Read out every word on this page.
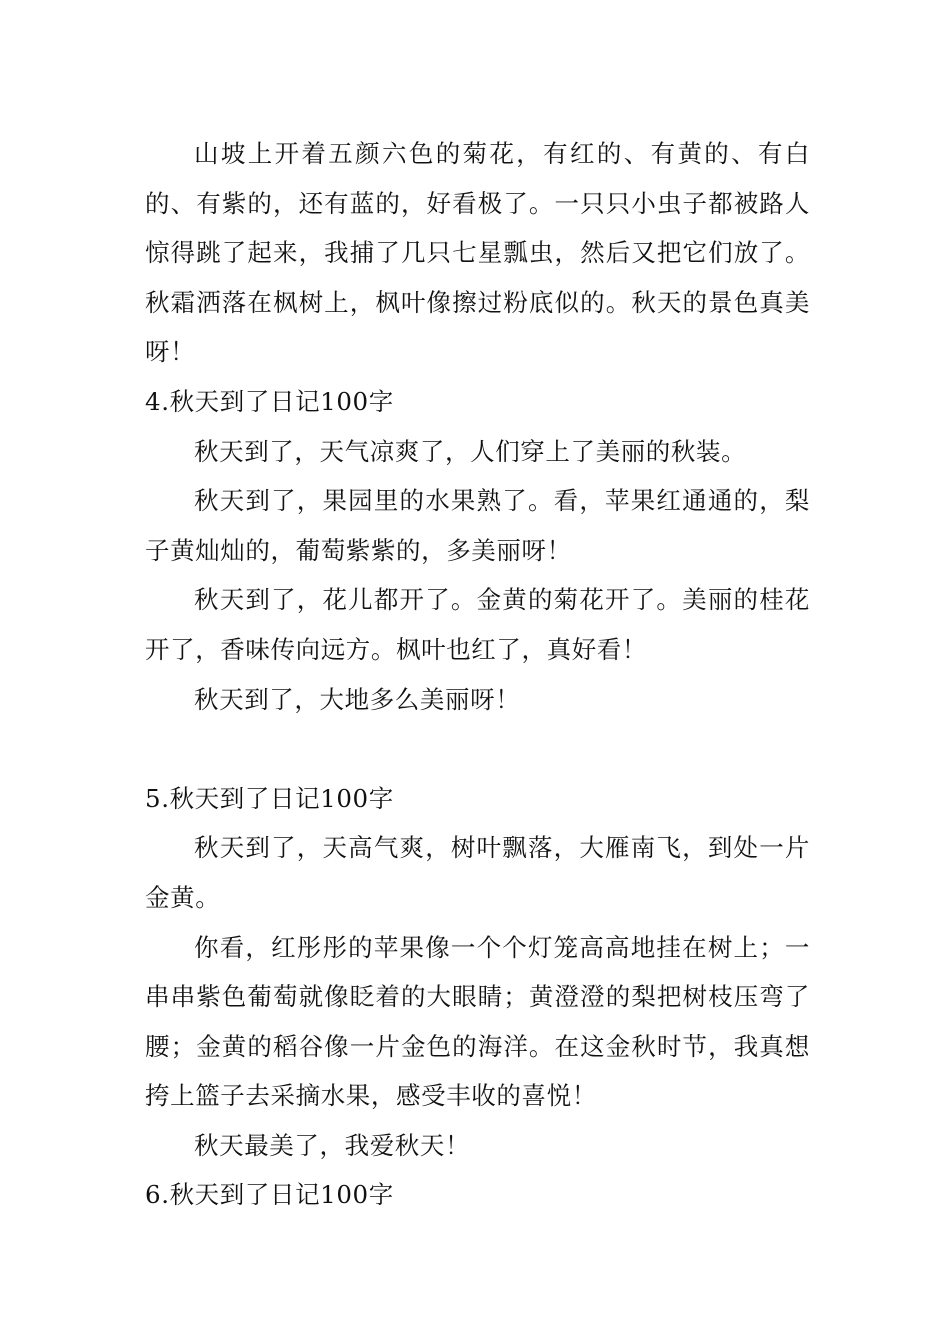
山坡上开着五颜六色的菊花，有红的、有黄的、有白的、有紫的，还有蓝的，好看极了。一只只小虫子都被路人惊得跳了起来，我捕了几只七星瓢虫，然后又把它们放了。秋霜洒落在枫树上，枫叶像擦过粉底似的。秋天的景色真美呀！

4.秋天到了日记100字

秋天到了，天气凉爽了，人们穿上了美丽的秋装。

秋天到了，果园里的水果熟了。看，苹果红通通的，梨子黄灿灿的，葡萄紫紫的，多美丽呀！

秋天到了，花儿都开了。金黄的菊花开了。美丽的桂花开了，香味传向远方。枫叶也红了，真好看！

秋天到了，大地多么美丽呀！

5.秋天到了日记100字

秋天到了，天高气爽，树叶飘落，大雁南飞，到处一片金黄。

你看，红彤彤的苹果像一个个灯笼高高地挂在树上；一串串紫色葡萄就像眨着的大眼睛；黄澄澄的梨把树枝压弯了腰；金黄的稻谷像一片金色的海洋。在这金秋时节，我真想挎上篮子去采摘水果，感受丰收的喜悦！

秋天最美了，我爱秋天！

6.秋天到了日记100字
